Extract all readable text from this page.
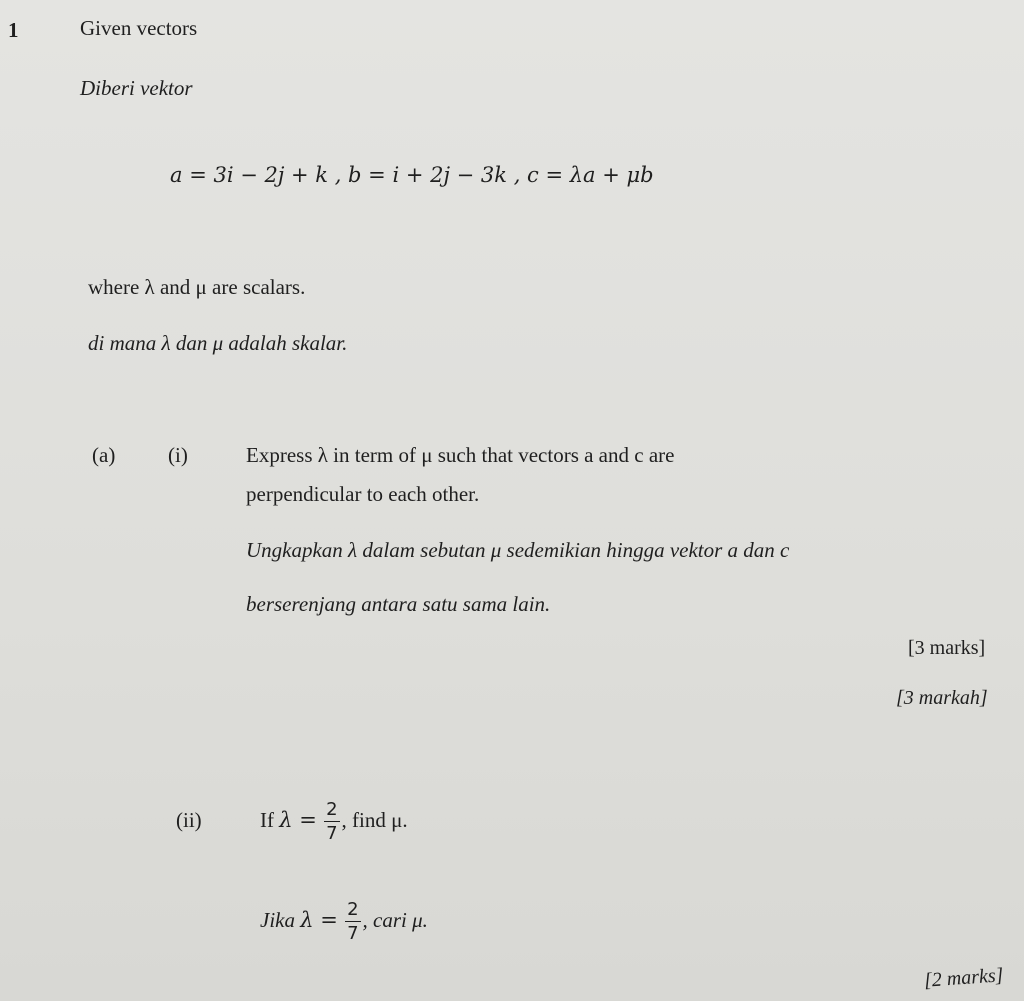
1	Given vectors
Diberi vektor
a = 3i − 2j + k , b = i + 2j − 3k , c = λa + μb
where λ and μ are scalars.
di mana λ dan μ adalah skalar.
(a)	(i)	Express λ in term of μ such that vectors a and c are
perpendicular to each other.
Ungkapkan λ dalam sebutan μ sedemikian hingga vektor a dan c
berserenjang antara satu sama lain.
[3 marks]
[3 markah]
(ii)	If $\lambda = \frac{2}{7}$ , find μ.
Jika $\lambda = \frac{2}{7}$ , cari μ.
[2 marks]
